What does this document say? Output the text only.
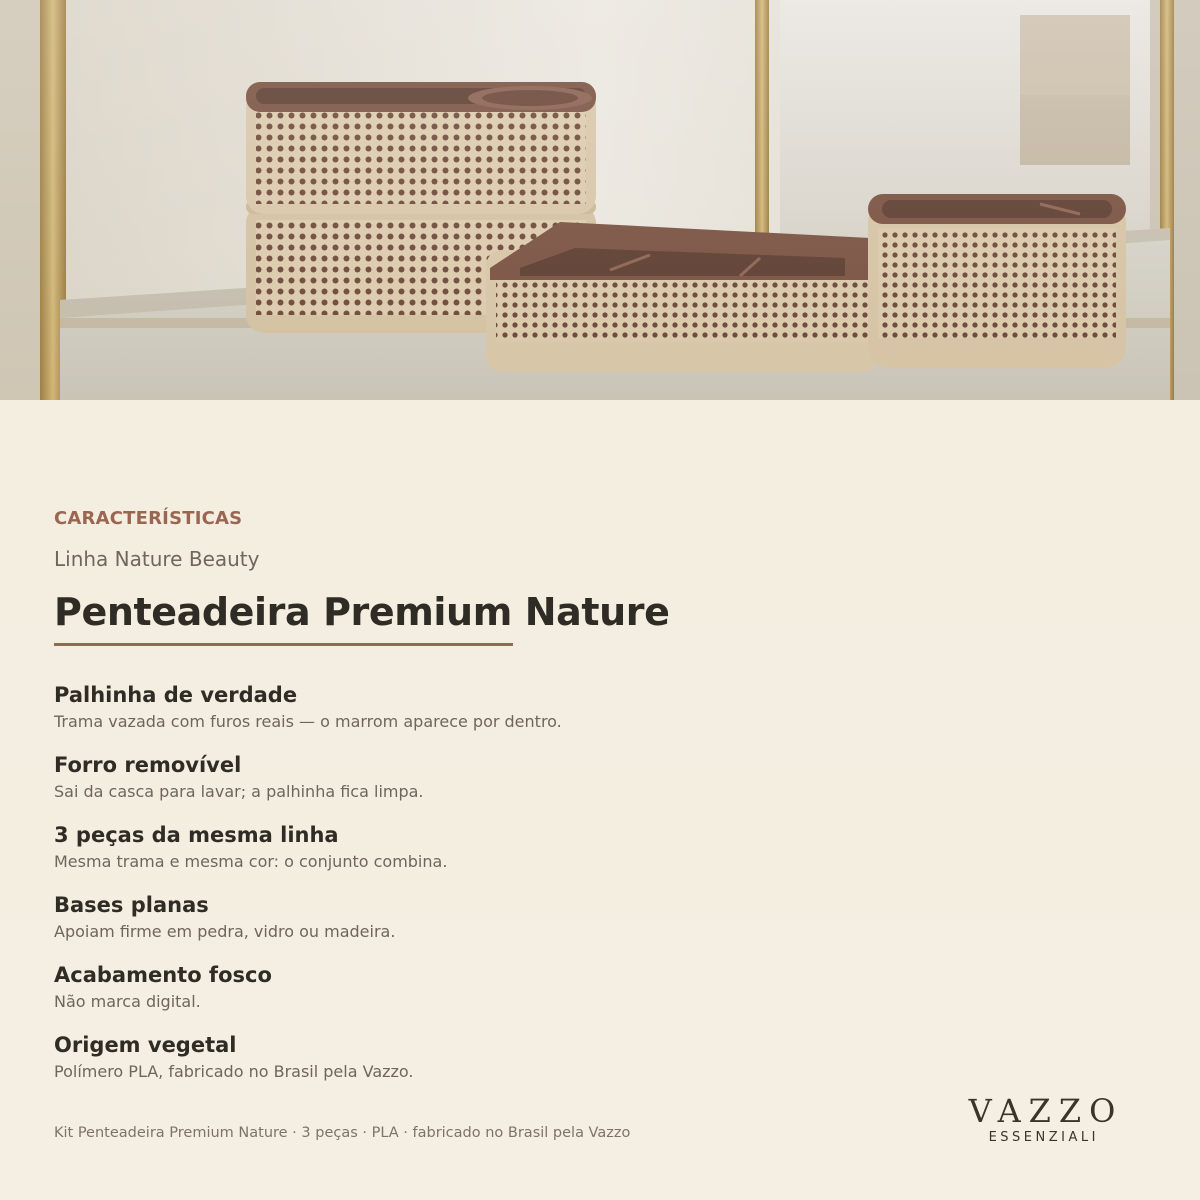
CARACTERÍSTICAS
Linha Nature Beauty
Penteadeira Premium Nature
Palhinha de verdade
Trama vazada com furos reais — o marrom aparece por dentro.
Forro removível
Sai da casca para lavar; a palhinha fica limpa.
3 peças da mesma linha
Mesma trama e mesma cor: o conjunto combina.
Bases planas
Apoiam firme em pedra, vidro ou madeira.
Acabamento fosco
Não marca digital.
Origem vegetal
Polímero PLA, fabricado no Brasil pela Vazzo.
Kit Penteadeira Premium Nature · 3 peças · PLA · fabricado no Brasil pela Vazzo
VAZZO
ESSENZIALI
